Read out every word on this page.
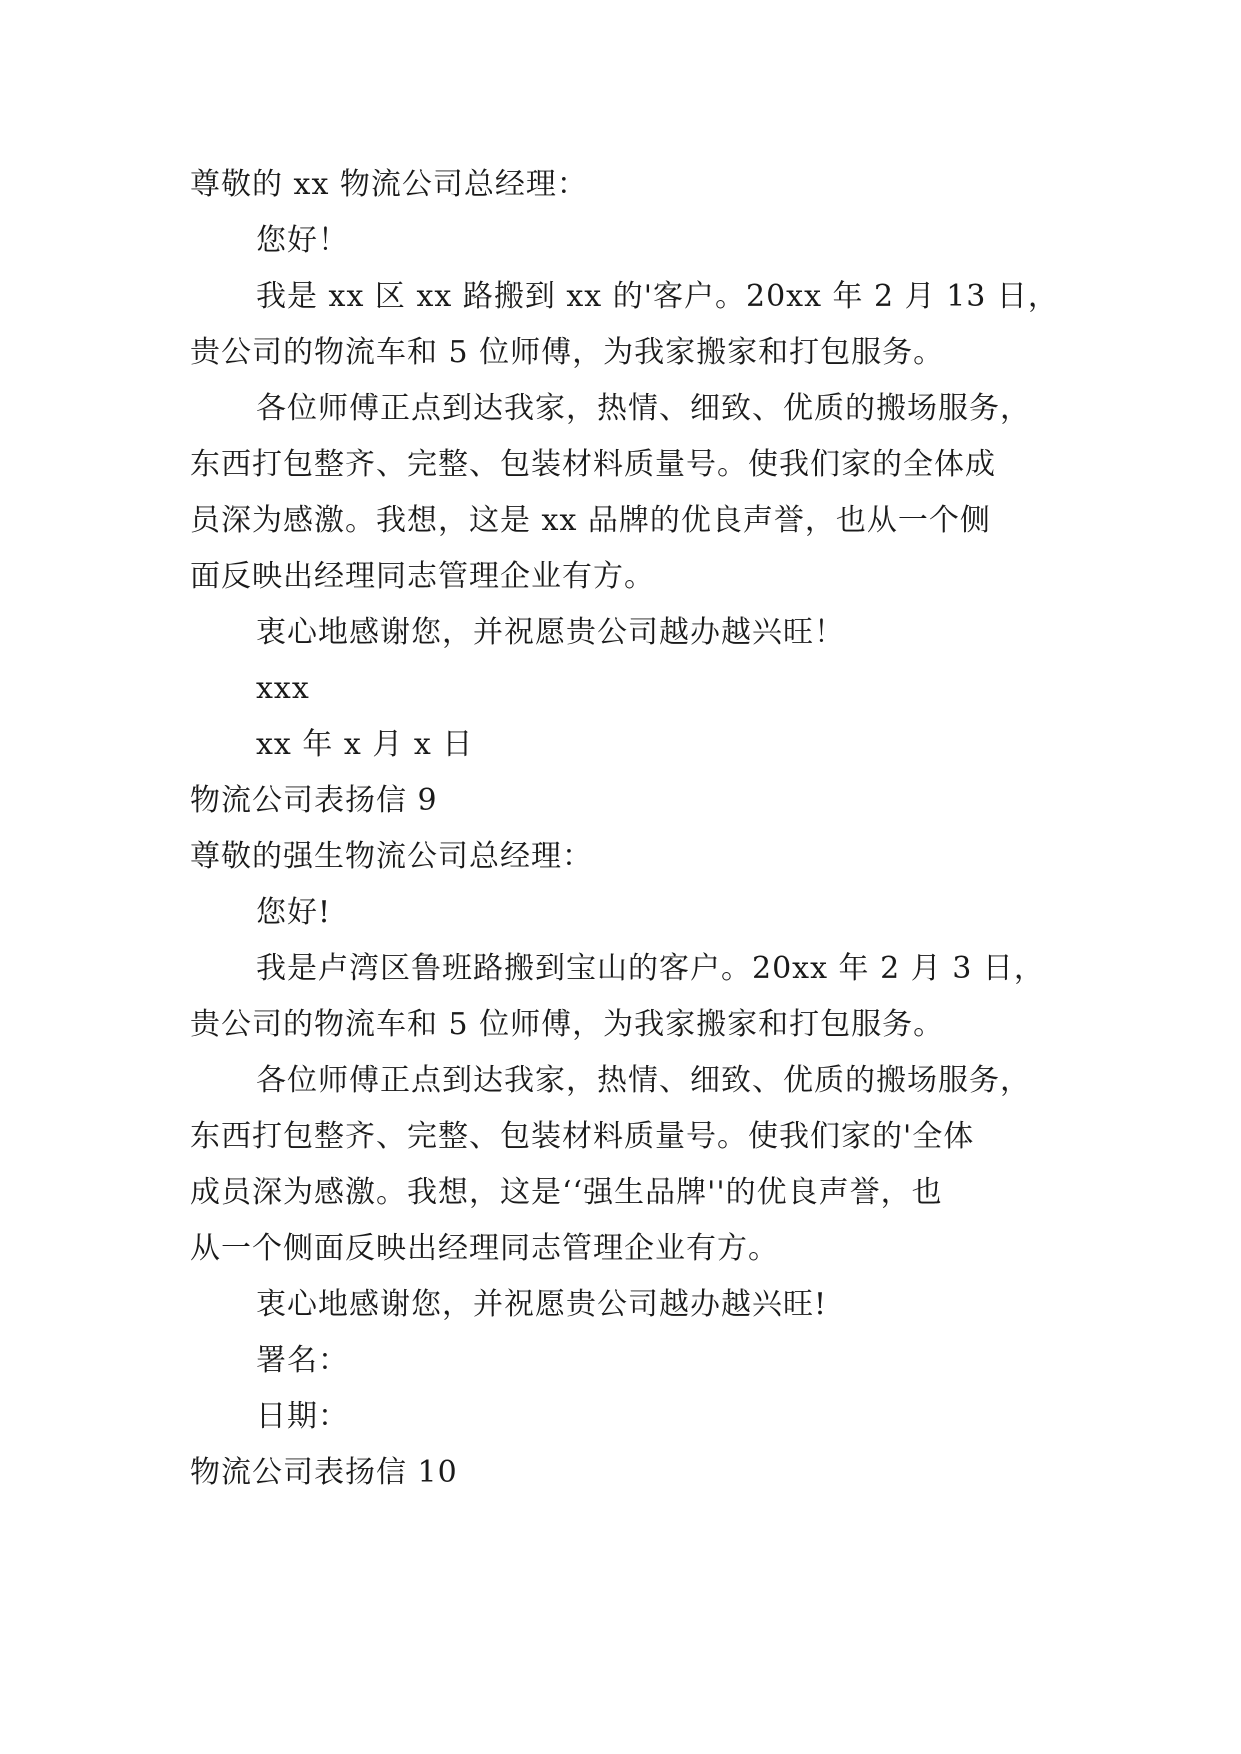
尊敬的 xx 物流公司总经理：
您好！
我是 xx 区 xx 路搬到 xx 的'客户。20xx 年 2 月 13 日，
贵公司的物流车和 5 位师傅，为我家搬家和打包服务。
各位师傅正点到达我家，热情、细致、优质的搬场服务，
东西打包整齐、完整、包装材料质量号。使我们家的全体成
员深为感激。我想，这是 xx 品牌的优良声誉，也从一个侧
面反映出经理同志管理企业有方。
衷心地感谢您，并祝愿贵公司越办越兴旺！
xxx
xx 年 x 月 x 日
物流公司表扬信 9
尊敬的强生物流公司总经理：
您好!
我是卢湾区鲁班路搬到宝山的客户。20xx 年 2 月 3 日，
贵公司的物流车和 5 位师傅，为我家搬家和打包服务。
各位师傅正点到达我家，热情、细致、优质的搬场服务，
东西打包整齐、完整、包装材料质量号。使我们家的'全体
成员深为感激。我想，这是‘‘强生品牌''的优良声誉，也
从一个侧面反映出经理同志管理企业有方。
衷心地感谢您，并祝愿贵公司越办越兴旺!
署名：
日期：
物流公司表扬信 10
